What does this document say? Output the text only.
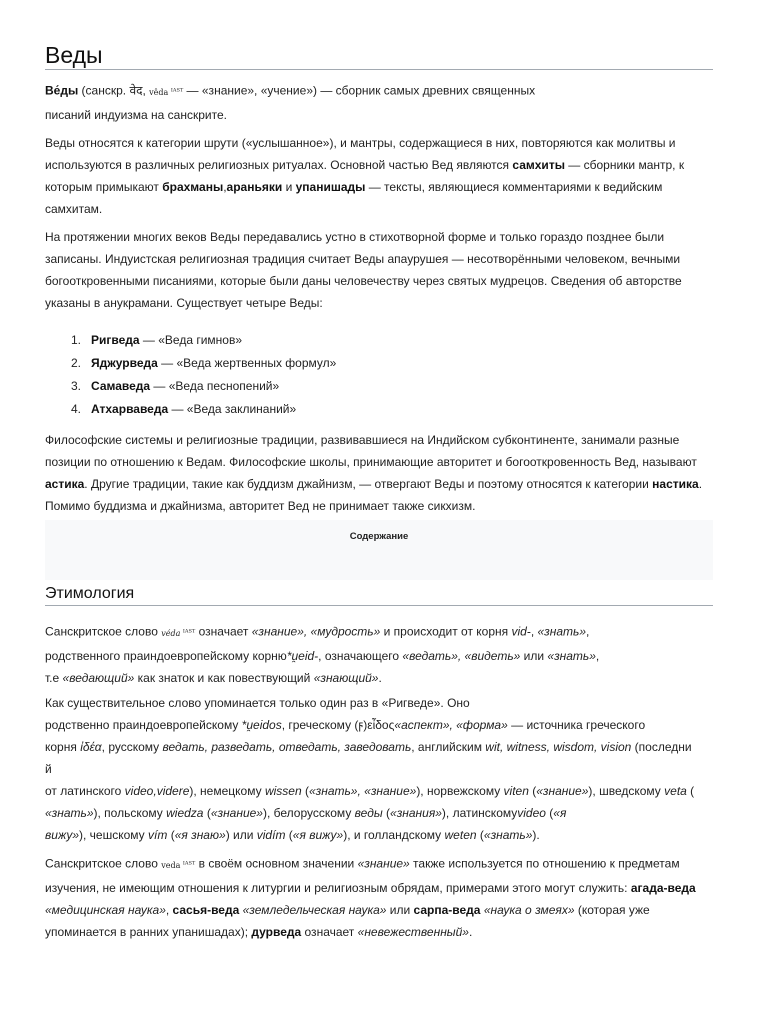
Веды

Ве́ды (санскр. वेद, vêda $^{IAST}$ — «знание», «учение») — сборник самых древних священных

писаний индуизма на санскрите.

Веды относятся к категории шрути («услышанное»), и мантры, содержащиеся в них, повторяются как молитвы и используются в различных религиозных ритуалах. Основной частью Вед являются самхиты — сборники мантр, к которым примыкают брахманы,араньяки и упанишады — тексты, являющиеся комментариями к ведийским самхитам.

На протяжении многих веков Веды передавались устно в стихотворной форме и только гораздо позднее были записаны. Индуистская религиозная традиция считает Веды апаурушея — несотворёнными человеком, вечными богооткровенными писаниями, которые были даны человечеству через святых мудрецов. Сведения об авторстве указаны в анукрамани. Существует четыре Веды:

1. Ригведа — «Веда гимнов»
2. Яджурведа — «Веда жертвенных формул»
3. Самаведа — «Веда песнопений»
4. Атхарваведа — «Веда заклинаний»

Философские системы и религиозные традиции, развивавшиеся на Индийском субконтиненте, занимали разные позиции по отношению к Ведам. Философские школы, принимающие авторитет и богооткровенность Вед, называют астика. Другие традиции, такие как буддизм джайнизм, — отвергают Веды и поэтому относятся к категории настика. Помимо буддизма и джайнизма, авторитет Вед не принимает также сикхизм.

Содержание
Этимология

Санскритское слово véda $^{IAST}$ означает «знание», «мудрость» и происходит от корня vid-, «знать»,

родственного праиндоевропейскому корню*u̯eid-, означающего «ведать», «видеть» или «знать»,

т.е «ведающий» как знаток и как повествующий «знающий».

Как существительное слово упоминается только один раз в «Ригведе». Оно

родственно праиндоевропейскому *u̯eidos, греческому (ϝ)εἶδος«аспект», «форма» — источника греческого

корня ἰδέα, русскому ведать, разведать, отведать, заведовать, английским wit, witness, wisdom, vision (последни

й

от латинского video,videre), немецкому wissen («знать», «знание»), норвежскому viten («знание»), шведскому veta (

«знать»), польскому wiedza («знание»), белорусскому веды («знания»), латинскомуvideo («я

вижу»), чешскому vím («я знаю») или vidím («я вижу»), и голландскому weten («знать»).

Санскритское слово veda $^{IAST}$ в своём основном значении «знание» также используется по отношению к предметам изучения, не имеющим отношения к литургии и религиозным обрядам, примерами этого могут служить: агада-веда «медицинская наука», сасья-веда «земледельческая наука» или сарпа-веда «наука о змеях» (которая уже упоминается в ранних упанишадах); дурведа означает «невежественный».
